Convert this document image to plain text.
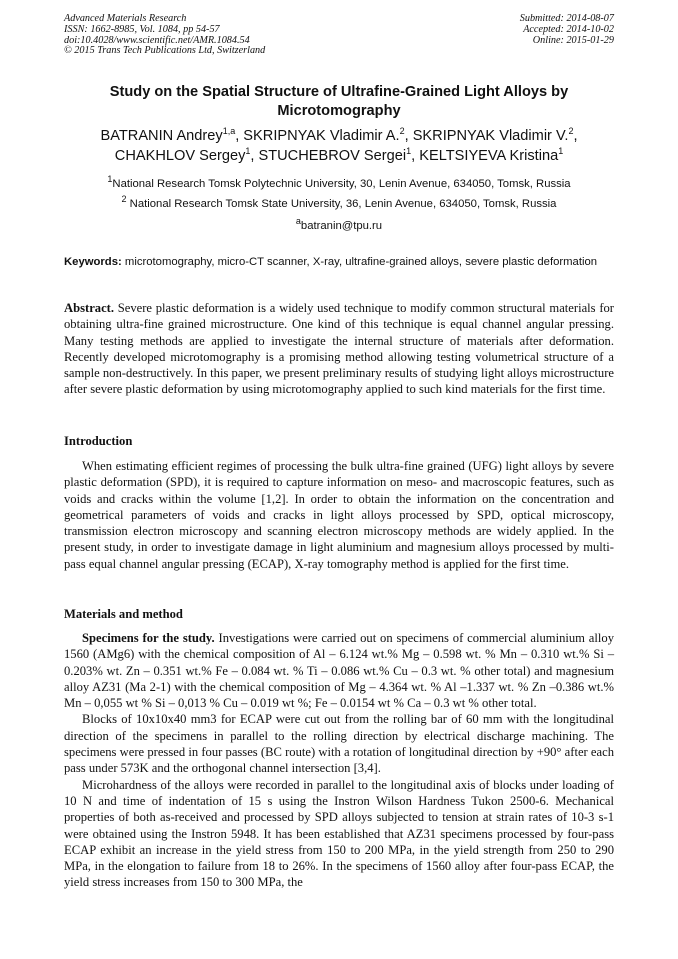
Advanced Materials Research
ISSN: 1662-8985, Vol. 1084, pp 54-57
doi:10.4028/www.scientific.net/AMR.1084.54
© 2015 Trans Tech Publications Ltd, Switzerland
Submitted: 2014-08-07
Accepted: 2014-10-02
Online: 2015-01-29
Study on the Spatial Structure of Ultrafine-Grained Light Alloys by Microtomography
BATRANIN Andrey$^{1,a}$, SKRIPNYAK Vladimir A.$^2$, SKRIPNYAK Vladimir V.$^2$, CHAKHLOV Sergey$^1$, STUCHEBROV Sergei$^1$, KELTSIYEVA Kristina$^1$
$^1$National Research Tomsk Polytechnic University, 30, Lenin Avenue, 634050, Tomsk, Russia
$^2$ National Research Tomsk State University, 36, Lenin Avenue, 634050, Tomsk, Russia
$^a$batranin@tpu.ru
Keywords: microtomography, micro-CT scanner, X-ray, ultrafine-grained alloys, severe plastic deformation

Abstract. Severe plastic deformation is a widely used technique to modify common structural materials for obtaining ultra-fine grained microstructure. One kind of this technique is equal channel angular pressing. Many testing methods are applied to investigate the internal structure of materials after deformation. Recently developed microtomography is a promising method allowing testing volumetrical structure of a sample non-destructively. In this paper, we present preliminary results of studying light alloys microstructure after severe plastic deformation by using microtomography applied to such kind materials for the first time.

Introduction

When estimating efficient regimes of processing the bulk ultra-fine grained (UFG) light alloys by severe plastic deformation (SPD), it is required to capture information on meso- and macroscopic features, such as voids and cracks within the volume [1,2]. In order to obtain the information on the concentration and geometrical parameters of voids and cracks in light alloys processed by SPD, optical microscopy, transmission electron microscopy and scanning electron microscopy methods are widely applied. In the present study, in order to investigate damage in light aluminium and magnesium alloys processed by multi-pass equal channel angular pressing (ECAP), X-ray tomography method is applied for the first time.

Materials and method

Specimens for the study. Investigations were carried out on specimens of commercial aluminium alloy 1560 (AMg6) with the chemical composition of Al – 6.124 wt.% Mg – 0.598 wt. % Mn – 0.310 wt.% Si – 0.203% wt. Zn – 0.351 wt.% Fe – 0.084 wt. % Ti – 0.086 wt.% Cu – 0.3 wt. % other total) and magnesium alloy AZ31 (Ma 2-1) with the chemical composition of Mg – 4.364 wt. % Al –1.337 wt. % Zn –0.386 wt.% Mn – 0,055 wt % Si – 0,013 % Cu – 0.019 wt %; Fe – 0.0154 wt % Ca – 0.3 wt % other total.

Blocks of 10x10x40 mm3 for ECAP were cut out from the rolling bar of 60 mm with the longitudinal direction of the specimens in parallel to the rolling direction by electrical discharge machining. The specimens were pressed in four passes (BC route) with a rotation of longitudinal direction by +90° after each pass under 573K and the orthogonal channel intersection [3,4].

Microhardness of the alloys were recorded in parallel to the longitudinal axis of blocks under loading of 10 N and time of indentation of 15 s using the Instron Wilson Hardness Tukon 2500-6. Mechanical properties of both as-received and processed by SPD alloys subjected to tension at strain rates of 10-3 s-1 were obtained using the Instron 5948. It has been established that AZ31 specimens processed by four-pass ECAP exhibit an increase in the yield stress from 150 to 200 MPa, in the yield strength from 250 to 290 MPa, in the elongation to failure from 18 to 26%. In the specimens of 1560 alloy after four-pass ECAP, the yield stress increases from 150 to 300 MPa, the
